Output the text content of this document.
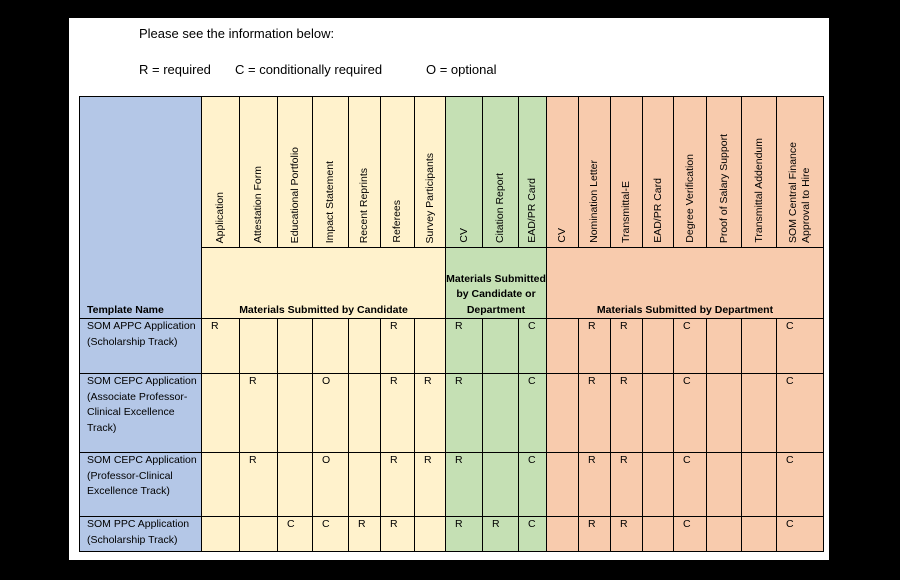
Please see the information below:
R = required	C = conditionally required	O = optional
Template Name	Application	Attestation Form	Educational Portfolio	Impact Statement	Recent Reprints	Referees	Survey Participants	CV	Citation Report	EAD/PR Card	CV	Nomination Letter	Transmittal-E	EAD/PR Card	Degree Verification	Proof of Salary Support	Transmittal Addendum	SOM Central Finance
Approval to Hire

	Materials Submitted by Candidate							Materials Submitted by Candidate or Department			Materials Submitted by Department							
SOM APPC Application (Scholarship Track)	R					R		R		C		R	R		C			C
SOM CEPC Application (Associate Professor-Clinical Excellence Track)		R		O		R	R	R		C		R	R		C			C
SOM CEPC Application (Professor-Clinical Excellence Track)		R		O		R	R	R		C		R	R		C			C
SOM PPC Application (Scholarship Track)			C	C	R	R		R	R	C		R	R		C			C
